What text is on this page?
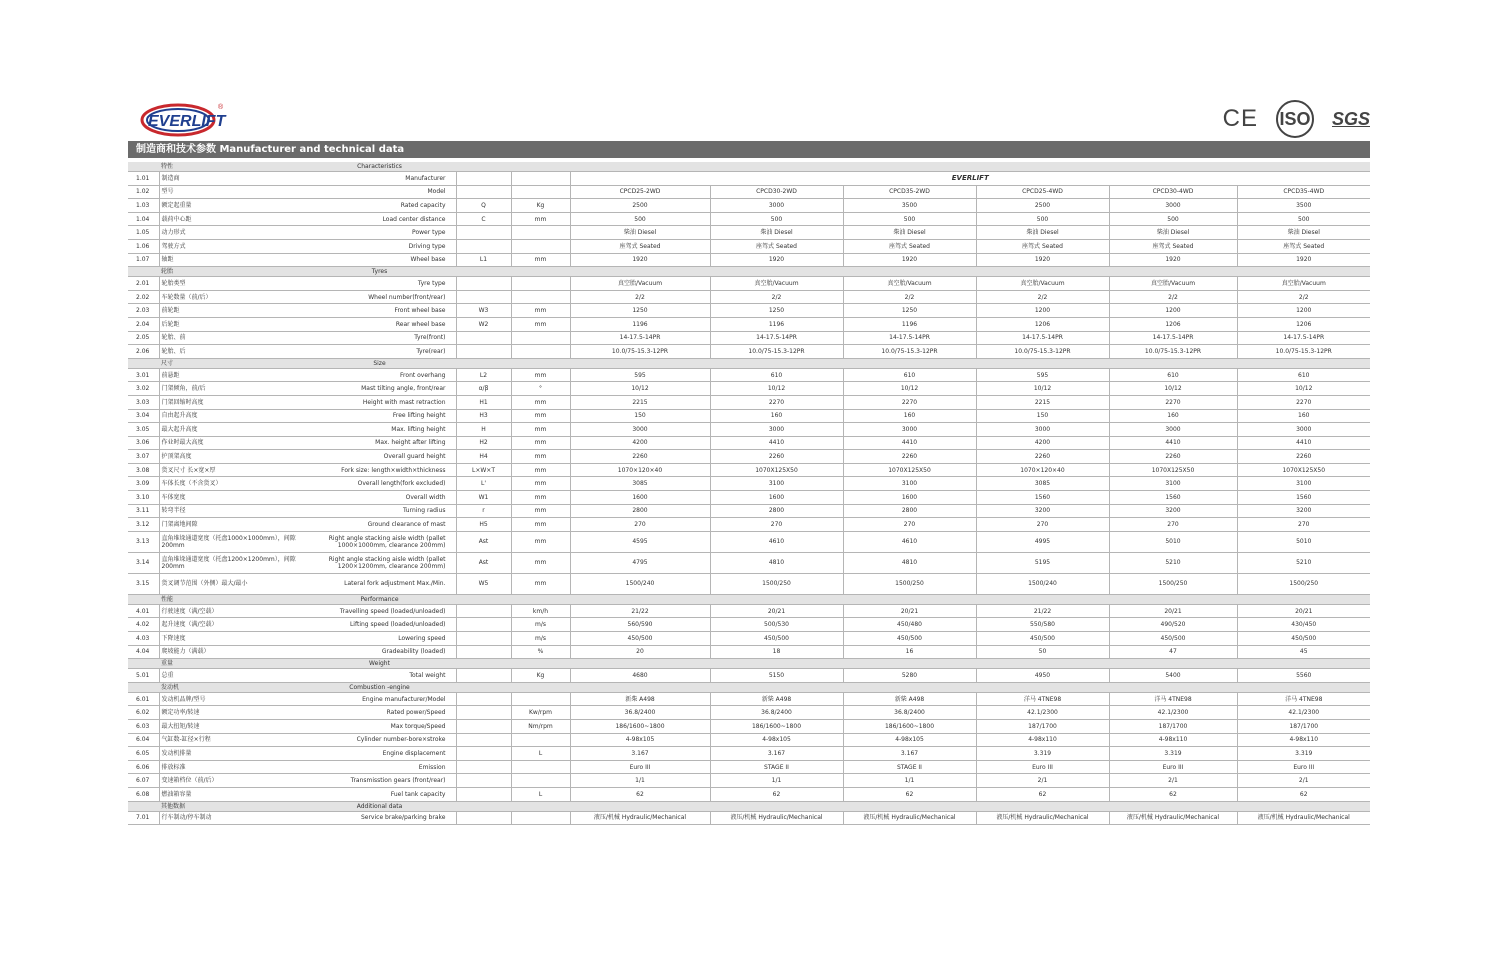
EVERLIFT
®	CE ISO SGS
制造商和技术参数 Manufacturer and technical data
	特性	Characteristics								
1.01	制造商	Manufacturer			EVERLIFT					
1.02	型号	Model			CPCD25-2WD	CPCD30-2WD	CPCD35-2WD	CPCD25-4WD	CPCD30-4WD	CPCD35-4WD
1.03	额定起重量	Rated capacity	Q	Kg	2500	3000	3500	2500	3000	3500
1.04	载荷中心距	Load center distance	C	mm	500	500	500	500	500	500
1.05	动力形式	Power type			柴油 Diesel	柴油 Diesel	柴油 Diesel	柴油 Diesel	柴油 Diesel	柴油 Diesel
1.06	驾驶方式	Driving type			座驾式 Seated	座驾式 Seated	座驾式 Seated	座驾式 Seated	座驾式 Seated	座驾式 Seated
1.07	轴距	Wheel base	L1	mm	1920	1920	1920	1920	1920	1920
	轮胎	Tyres								
2.01	轮胎类型	Tyre type			真空胎/Vacuum	真空胎/Vacuum	真空胎/Vacuum	真空胎/Vacuum	真空胎/Vacuum	真空胎/Vacuum
2.02	车轮数量（前/后）	Wheel number(front/rear)			2/2	2/2	2/2	2/2	2/2	2/2
2.03	前轮距	Front wheel base	W3	mm	1250	1250	1250	1200	1200	1200
2.04	后轮距	Rear wheel base	W2	mm	1196	1196	1196	1206	1206	1206
2.05	轮胎、前	Tyre(front)			14-17.5-14PR	14-17.5-14PR	14-17.5-14PR	14-17.5-14PR	14-17.5-14PR	14-17.5-14PR
2.06	轮胎、后	Tyre(rear)			10.0/75-15.3-12PR	10.0/75-15.3-12PR	10.0/75-15.3-12PR	10.0/75-15.3-12PR	10.0/75-15.3-12PR	10.0/75-15.3-12PR
	尺寸	Size								
3.01	前悬距	Front overhang	L2	mm	595	610	610	595	610	610
3.02	门架倾角，前/后	Mast tilting angle, front/rear	α/β	°	10/12	10/12	10/12	10/12	10/12	10/12
3.03	门架回缩时高度	Height with mast retraction	H1	mm	2215	2270	2270	2215	2270	2270
3.04	自由起升高度	Free lifting height	H3	mm	150	160	160	150	160	160
3.05	最大起升高度	Max. lifting height	H	mm	3000	3000	3000	3000	3000	3000
3.06	作业时最大高度	Max. height after lifting	H2	mm	4200	4410	4410	4200	4410	4410
3.07	护顶架高度	Overall guard height	H4	mm	2260	2260	2260	2260	2260	2260
3.08	货叉尺寸 长×宽×厚	Fork size: length×width×thickness	L×W×T	mm	1070×120×40	1070X125X50	1070X125X50	1070×120×40	1070X125X50	1070X125X50
3.09	车体长度（不含货叉）	Overall length(fork excluded)	L'	mm	3085	3100	3100	3085	3100	3100
3.10	车体宽度	Overall width	W1	mm	1600	1600	1600	1560	1560	1560
3.11	转弯半径	Turning radius	r	mm	2800	2800	2800	3200	3200	3200
3.12	门架离地间隙	Ground clearance of mast	H5	mm	270	270	270	270	270	270
3.13	直角堆垛通道宽度（托盘1000×1000mm），间隙200mm	Right angle stacking aisle width (pallet 1000×1000mm, clearance 200mm)	Ast	mm	4595	4610	4610	4995	5010	5010
3.14	直角堆垛通道宽度（托盘1200×1200mm），间隙200mm	Right angle stacking aisle width (pallet 1200×1200mm, clearance 200mm)	Ast	mm	4795	4810	4810	5195	5210	5210
3.15	货叉调节范围（外侧）最大/最小	Lateral fork adjustment Max./Min.	W5	mm	1500/240	1500/250	1500/250	1500/240	1500/250	1500/250
	性能	Performance								
4.01	行驶速度（满/空载）	Travelling speed (loaded/unloaded)		km/h	21/22	20/21	20/21	21/22	20/21	20/21
4.02	起升速度（满/空载）	Lifting speed (loaded/unloaded)		m/s	560/590	500/530	450/480	550/580	490/520	430/450
4.03	下降速度	Lowering speed		m/s	450/500	450/500	450/500	450/500	450/500	450/500
4.04	爬坡能力（满载）	Gradeability (loaded)		%	20	18	16	50	47	45
	重量	Weight								
5.01	总重	Total weight		Kg	4680	5150	5280	4950	5400	5560
	发动机	Combustion -engine								
6.01	发动机品牌/型号	Engine manufacturer/Model			新柴 A498	新柴 A498	新柴 A498	洋马 4TNE98	洋马 4TNE98	洋马 4TNE98
6.02	额定功率/转速	Rated power/Speed		Kw/rpm	36.8/2400	36.8/2400	36.8/2400	42.1/2300	42.1/2300	42.1/2300
6.03	最大扭矩/转速	Max torque/Speed		Nm/rpm	186/1600~1800	186/1600~1800	186/1600~1800	187/1700	187/1700	187/1700
6.04	气缸数-缸径×行程	Cylinder number-bore×stroke			4-98x105	4-98x105	4-98x105	4-98x110	4-98x110	4-98x110
6.05	发动机排量	Engine displacement		L	3.167	3.167	3.167	3.319	3.319	3.319
6.06	排放标准	Emission			Euro III	STAGE II	STAGE II	Euro III	Euro III	Euro III
6.07	变速箱档位（前/后）	Transmisstion gears (front/rear)			1/1	1/1	1/1	2/1	2/1	2/1
6.08	燃油箱容量	Fuel tank capacity		L	62	62	62	62	62	62
	其他数据	Additional data								
7.01	行车制动/停车制动	Service brake/parking brake			液压/机械 Hydraulic/Mechanical	液压/机械 Hydraulic/Mechanical	液压/机械 Hydraulic/Mechanical	液压/机械 Hydraulic/Mechanical	液压/机械 Hydraulic/Mechanical	液压/机械 Hydraulic/Mechanical
